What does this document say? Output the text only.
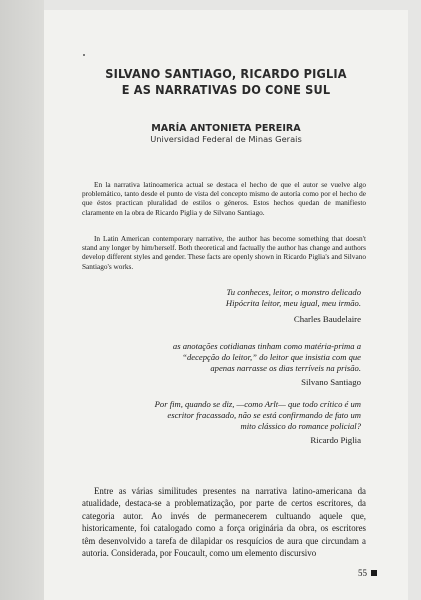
SILVANO SANTIAGO, RICARDO PIGLIA
E AS NARRATIVAS DO CONE SUL
MARÍA ANTONIETA PEREIRA
Universidad Federal de Minas Gerais

En la narrativa latinoamerica actual se destaca el hecho de que el autor se vuelve algo problemático, tanto desde el punto de vista del concepto mismo de autoría como por el hecho de que éstos practican pluralidad de estilos o géneros. Estos hechos quedan de manifiesto claramente en la obra de Ricardo Piglia y de Silvano Santiago.

In Latin American contemporary narrative, the author has become something that doesn't stand any longer by him/herself. Both theoretical and factually the author has change and authors develop different styles and gender. These facts are openly shown in Ricardo Piglia's and Silvano Santiago's works.

Tu conheces, leitor, o monstro delicado
Hipócrita leitor, meu igual, meu irmão.
Charles Baudelaire
as anotações cotidianas tinham como matéria-prima a
“decepção do leitor,” do leitor que insistia com que
apenas narrasse os dias terríveis na prisão.
Silvano Santiago
Por fim, quando se diz, —como Arlt— que todo crítico é um
escritor fracassado, não se está confirmando de fato um
mito clássico do romance policial?
Ricardo Piglia

Entre as várias similitudes presentes na narrativa latino-americana da atualidade, destaca-se a problematização, por parte de certos escritores, da categoria autor. Ao invés de permanecerem cultuando aquele que, historicamente, foi catalogado como a força originária da obra, os escritores têm desenvolvido a tarefa de dilapidar os resquícios de aura que circundam a autoria. Considerada, por Foucault, como um elemento discursivo

55
